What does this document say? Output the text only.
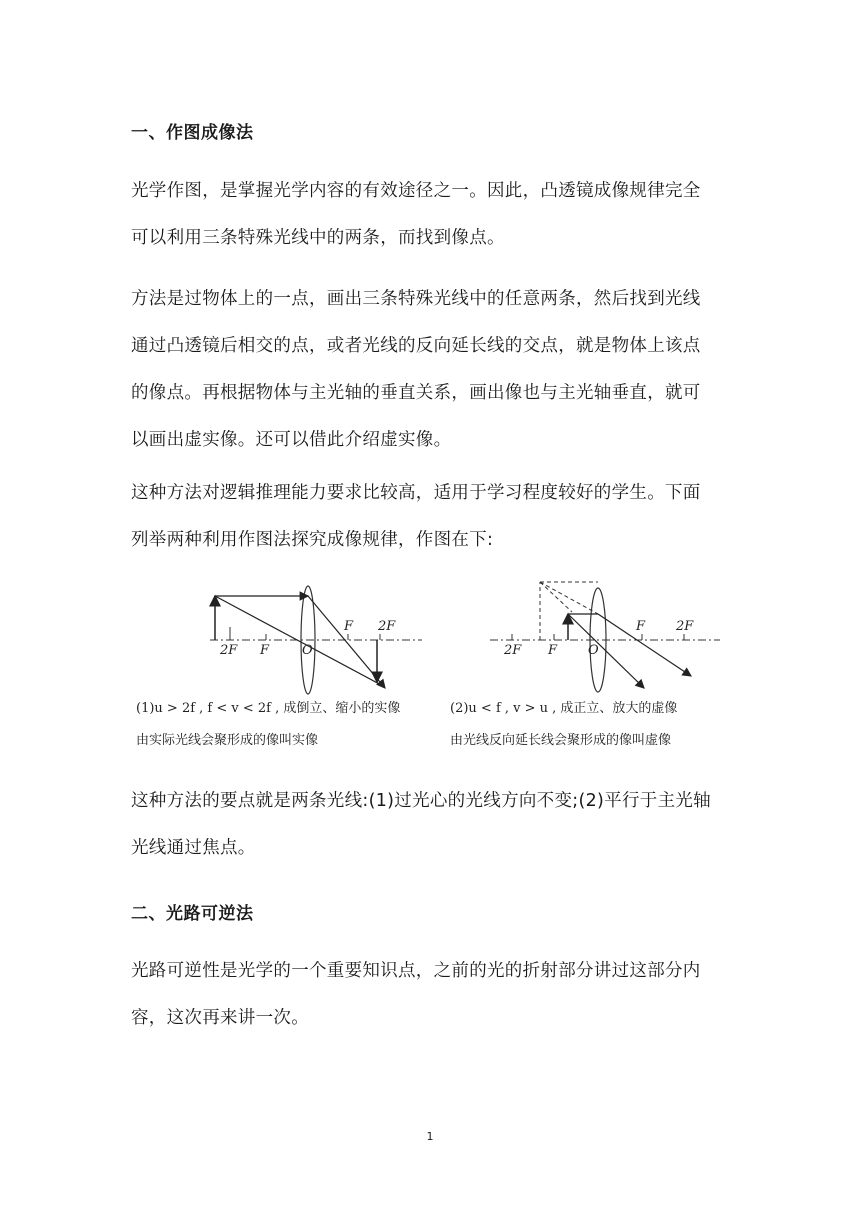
一、作图成像法
光学作图，是掌握光学内容的有效途径之一。因此，凸透镜成像规律完全
可以利用三条特殊光线中的两条，而找到像点。
方法是过物体上的一点，画出三条特殊光线中的任意两条，然后找到光线
通过凸透镜后相交的点，或者光线的反向延长线的交点，就是物体上该点
的像点。再根据物体与主光轴的垂直关系，画出像也与主光轴垂直，就可
以画出虚实像。还可以借此介绍虚实像。
这种方法对逻辑推理能力要求比较高，适用于学习程度较好的学生。下面
列举两种利用作图法探究成像规律，作图在下:
2F F	O
F 2F
(1)u > 2f , f < v < 2f , 成倒立、缩小的实像
由实际光线会聚形成的像叫实像
2F F O
F 2F
(2)u < f , v > u , 成正立、放大的虚像
由光线反向延长线会聚形成的像叫虚像
这种方法的要点就是两条光线:(1)过光心的光线方向不变;(2)平行于主光轴
光线通过焦点。
二、光路可逆法
光路可逆性是光学的一个重要知识点，之前的光的折射部分讲过这部分内
容，这次再来讲一次。
1
